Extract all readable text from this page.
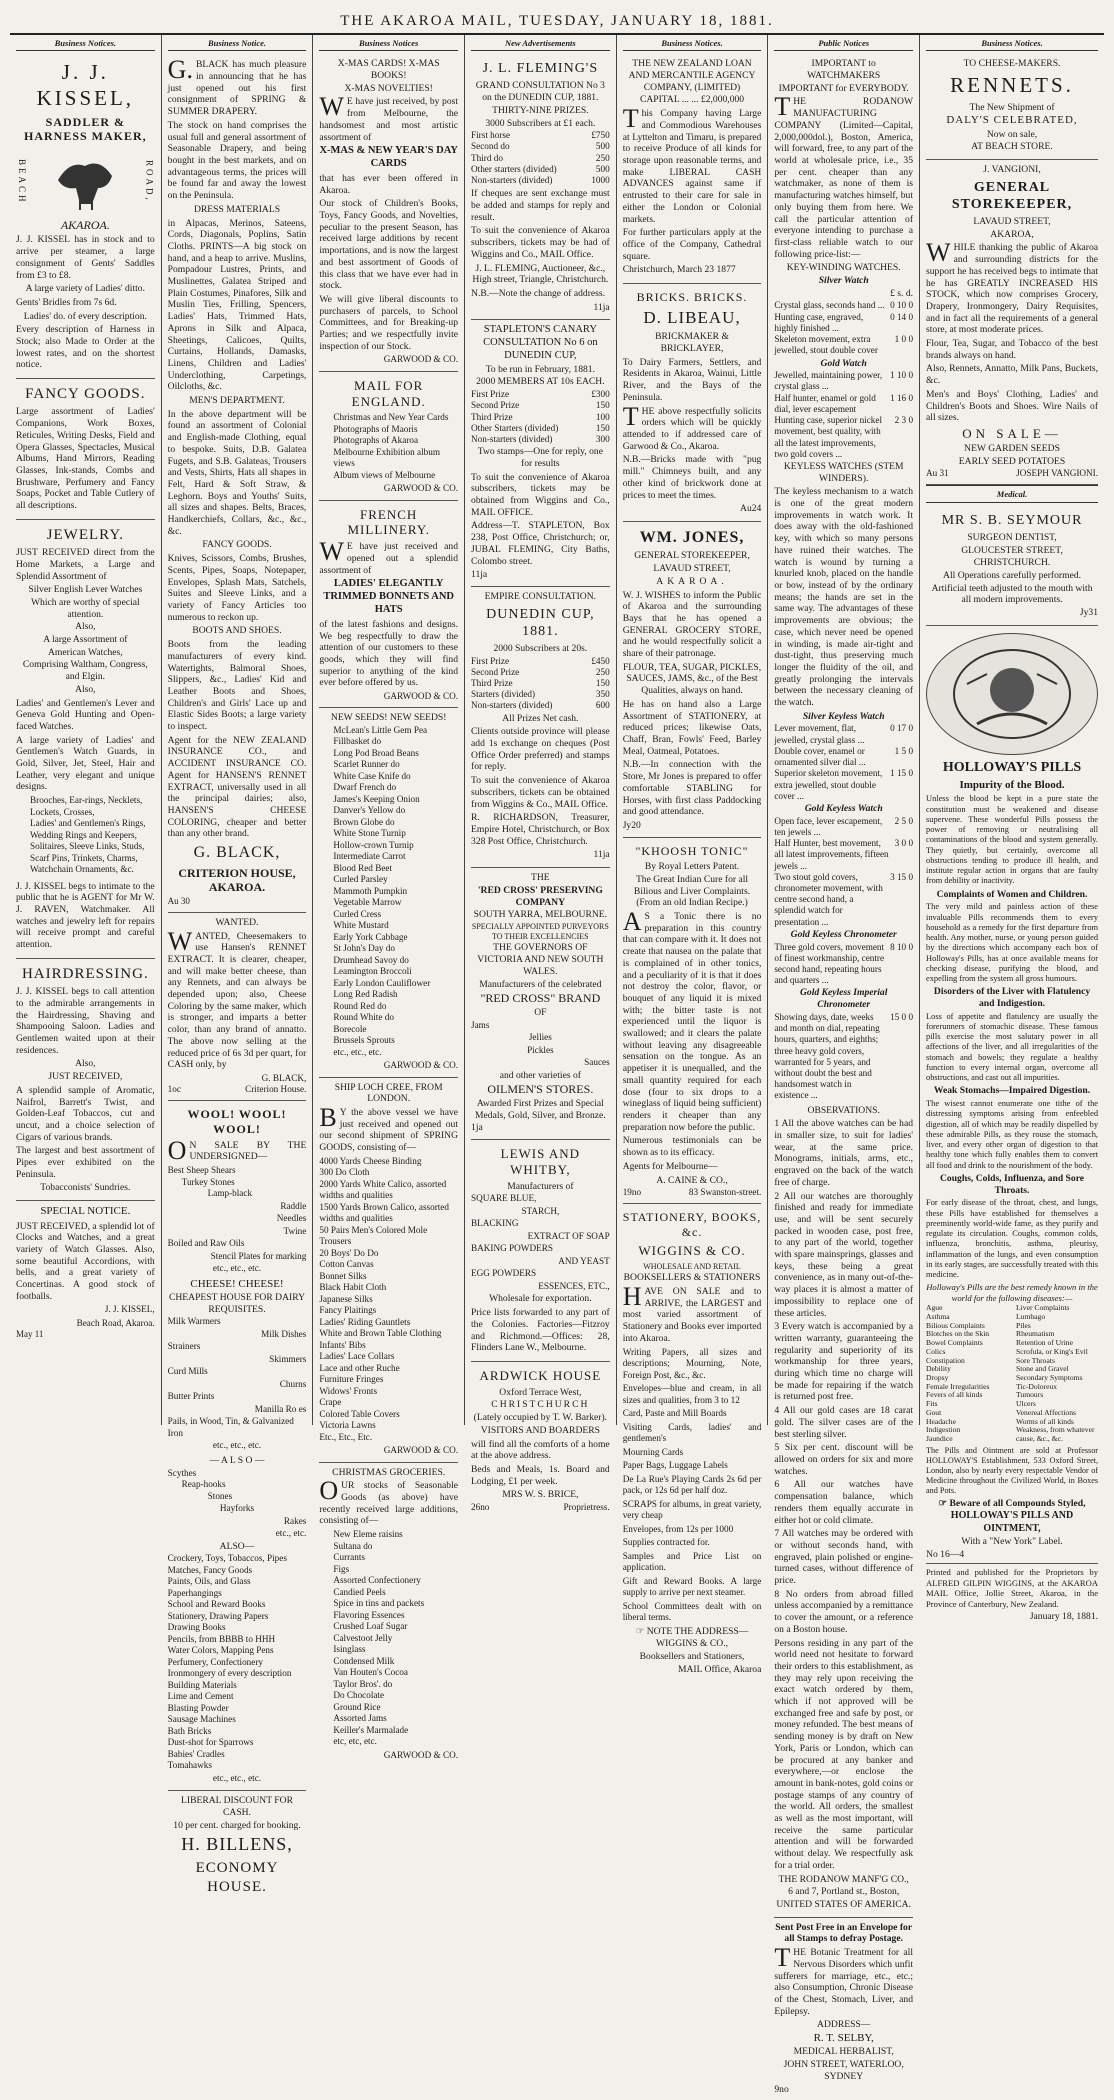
THE AKAROA MAIL, TUESDAY, JANUARY 18, 1881.
Business Notices.
J. J. KISSEL,
SADDLER & HARNESS MAKER,
BEACH	ROAD,
AKAROA.
J. J. KISSEL has in stock and to arrive per steamer, a large consignment of Gents' Saddles from £3 to £8.
A large variety of Ladies' ditto.
Gents' Bridles from 7s 6d.
Ladies' do. of every description.
Every description of Harness in Stock; also Made to Order at the lowest rates, and on the shortest notice.
FANCY GOODS.
Large assortment of Ladies' Companions, Work Boxes, Reticules, Writing Desks, Field and Opera Glasses, Spectacles, Musical Albums, Hand Mirrors, Reading Glasses, Ink-stands, Combs and Brushware, Perfumery and Fancy Soaps, Pocket and Table Cutlery of all descriptions.
JEWELRY.
JUST RECEIVED direct from the Home Markets, a Large and Splendid Assortment of
Silver English Lever Watches
Which are worthy of special attention.
Also,
A large Assortment of
American Watches,
Comprising Waltham, Congress, and Elgin.
Also,
Ladies' and Gentlemen's Lever and Geneva Gold Hunting and Open-faced Watches.
A large variety of Ladies' and Gentlemen's Watch Guards, in Gold, Silver, Jet, Steel, Hair and Leather, very elegant and unique designs.
Brooches, Ear-rings, Necklets,
Lockets, Crosses,
Ladies' and Gentlemen's Rings,
Wedding Rings and Keepers,
Solitaires, Sleeve Links, Studs,
Scarf Pins, Trinkets, Charms,
Watchchain Ornaments, &c.
J. J. KISSEL begs to intimate to the public that he is AGENT for Mr W. J. RAVEN, Watchmaker. All watches and jewelry left for repairs will receive prompt and careful attention.
HAIRDRESSING.
J. J. KISSEL begs to call attention to the admirable arrangements in the Hairdressing, Shaving and Shampooing Saloon. Ladies and Gentlemen waited upon at their residences.
Also,
JUST RECEIVED,
A splendid sample of Aromatic, Naifrol, Barrett's Twist, and Golden-Leaf Tobaccos, cut and uncut, and a choice selection of Cigars of various brands.
The largest and best assortment of Pipes ever exhibited on the Peninsula.
Tobacconists' Sundries.
SPECIAL NOTICE.
JUST RECEIVED, a splendid lot of Clocks and Watches, and a great variety of Watch Glasses. Also, some beautiful Accordions, with bells, and a great variety of Concertinas. A good stock of footballs.
J. J. KISSEL,
Beach Road, Akaroa.
May 11
Business Notice.
G.BLACK has much pleasure in announcing that he has just opened out his first consignment of SPRING & SUMMER DRAPERY.
The stock on hand comprises the usual full and general assortment of Seasonable Drapery, and being bought in the best markets, and on advantageous terms, the prices will be found far and away the lowest on the Peninsula.
DRESS MATERIALS
in Alpacas, Merinos, Sateens, Cords, Diagonals, Poplins, Satin Cloths. PRINTS—A big stock on hand, and a heap to arrive. Muslins, Pompadour Lustres, Prints, and Muslinettes, Galatea Striped and Plain Costumes, Pinafores, Silk and Muslin Ties, Frilling, Spencers, Ladies' Hats, Trimmed Hats, Aprons in Silk and Alpaca, Sheetings, Calicoes, Quilts, Curtains, Hollands, Damasks, Linens, Children and Ladies' Underclothing, Carpetings, Oilcloths, &c.
MEN'S DEPARTMENT.
In the above department will be found an assortment of Colonial and English-made Clothing, equal to bespoke. Suits, D.B. Galatea Fugets, and S.B. Galateas, Trousers and Vests, Shirts, Hats all shapes in Felt, Hard & Soft Straw, & Leghorn. Boys and Youths' Suits, all sizes and shapes. Belts, Braces, Handkerchiefs, Collars, &c., &c., &c.
FANCY GOODS.
Knives, Scissors, Combs, Brushes, Scents, Pipes, Soaps, Notepaper, Envelopes, Splash Mats, Satchels, Suites and Sleeve Links, and a variety of Fancy Articles too numerous to reckon up.
BOOTS AND SHOES.
Boots from the leading manufacturers of every kind. Watertights, Balmoral Shoes, Slippers, &c., Ladies' Kid and Leather Boots and Shoes, Children's and Girls' Lace up and Elastic Sides Boots; a large variety to inspect.
Agent for the NEW ZEALAND INSURANCE CO., and ACCIDENT INSURANCE CO. Agent for HANSEN'S RENNET EXTRACT, universally used in all the principal dairies; also, HANSEN'S CHEESE COLORING, cheaper and better than any other brand.
G. BLACK,
CRITERION HOUSE, AKAROA.
Au 30
WANTED.
WANTED, Cheesemakers to use Hansen's RENNET EXTRACT. It is clearer, cheaper, and will make better cheese, than any Rennets, and can always be depended upon; also, Cheese Coloring by the same maker, which is stronger, and imparts a better color, than any brand of annatto. The above now selling at the reduced price of 6s 3d per quart, for CASH only, by
G. BLACK,
1oc	Criterion House.
WOOL! WOOL! WOOL!
ON SALE BY THE UNDERSIGNED—
Best Sheep Shears
Turkey Stones
Lamp-black
Raddle
Needles
Twine
Boiled and Raw Oils
Stencil Plates for marking
etc., etc., etc.
CHEESE! CHEESE!
CHEAPEST HOUSE FOR DAIRY REQUISITES.
Milk Warmers
Milk Dishes
Strainers
Skimmers
Curd Mills
Churns
Butter Prints
Manilla Ro es
Pails, in Wood, Tin, & Galvanized Iron
etc., etc., etc.
— A L S O —
Scythes
Reap-hooks
Stones
Hayforks
Rakes
etc., etc.
ALSO—
Crockery, Toys, Tobaccos, Pipes
Matches, Fancy Goods
Paints, Oils, and Glass
Paperhangings
School and Reward Books
Stationery, Drawing Papers
Drawing Books
Pencils, from BBBB to HHH
Water Colors, Mapping Pens
Perfumery, Confectionery
Ironmongery of every description
Building Materials
Lime and Cement
Blasting Powder
Sausage Machines
Bath Bricks
Dust-shot for Sparrows
Babies' Cradles
Tomahawks
etc., etc., etc.
LIBERAL DISCOUNT FOR CASH.
10 per cent. charged for booking.
H. BILLENS,
ECONOMY HOUSE.
Business Notices
X-MAS CARDS! X-MAS BOOKS!
X-MAS NOVELTIES!
WE have just received, by post from Melbourne, the handsomest and most artistic assortment of
X-MAS & NEW YEAR'S DAY CARDS
that has ever been offered in Akaroa.
Our stock of Children's Books, Toys, Fancy Goods, and Novelties, peculiar to the present Season, has received large additions by recent importations, and is now the largest and best assortment of Goods of this class that we have ever had in stock.
We will give liberal discounts to purchasers of parcels, to School Committees, and for Breaking-up Parties; and we respectfully invite inspection of our Stock.
GARWOOD & CO.
MAIL FOR ENGLAND.
Christmas and New Year Cards
Photographs of Maoris
Photographs of Akaroa
Melbourne Exhibition album views
Album views of Melbourne
GARWOOD & CO.
FRENCH MILLINERY.
WE have just received and opened out a splendid assortment of
LADIES' ELEGANTLY TRIMMED BONNETS AND HATS
of the latest fashions and designs. We beg respectfully to draw the attention of our customers to these goods, which they will find superior to anything of the kind ever before offered by us.
GARWOOD & CO.
NEW SEEDS! NEW SEEDS!
McLean's Little Gem Pea
Fillbasket do
Long Pod Broad Beans
Scarlet Runner do
White Case Knife do
Dwarf French do
James's Keeping Onion
Danver's Yellow do
Brown Globe do
White Stone Turnip
Hollow-crown Turnip
Intermediate Carrot
Blood Red Beet
Curled Parsley
Mammoth Pumpkin
Vegetable Marrow
Curled Cress
White Mustard
Early York Cabbage
St John's Day do
Drumhead Savoy do
Leamington Broccoli
Early London Cauliflower
Long Red Radish
Round Red do
Round White do
Borecole
Brussels Sprouts
etc., etc., etc.
GARWOOD & CO.
SHIP LOCH CREE, FROM LONDON.
BY the above vessel we have just received and opened out our second shipment of SPRING GOODS, consisting of—
4000 Yards Cheese Binding
300 Do Cloth
2000 Yards White Calico, assorted widths and qualities
1500 Yards Brown Calico, assorted widths and qualities
50 Pairs Men's Colored Mole Trousers
20 Boys' Do Do
Cotton Canvas
Bonnet Silks
Black Habit Cloth
Japanese Silks
Fancy Plaitings
Ladies' Riding Gauntlets
White and Brown Table Clothing
Infants' Bibs
Ladies' Lace Collars
Lace and other Ruche
Furniture Fringes
Widows' Fronts
Crape
Colored Table Covers
Victoria Lawns
Etc., Etc., Etc.
GARWOOD & CO.
CHRISTMAS GROCERIES.
OUR stocks of Seasonable Goods (as above) have recently received large additions, consisting of—
New Eleme raisins
Sultana do
Currants
Figs
Assorted Confectionery
Candied Peels
Spice in tins and packets
Flavoring Essences
Crushed Loaf Sugar
Calvestoot Jelly
Isinglass
Condensed Milk
Van Houten's Cocoa
Taylor Bros'. do
Do Chocolate
Ground Rice
Assorted Jams
Keiller's Marmalade
etc, etc, etc.
GARWOOD & CO.
New Advertisements
J. L. FLEMING'S
GRAND CONSULTATION No 3 on the DUNEDIN CUP, 1881.
THIRTY-NINE PRIZES.
3000 Subscribers at £1 each.
First horse	£750
Second do	500
Third do	250
Other starters (divided)	500
Non-starters (divided)	1000
If cheques are sent exchange must be added and stamps for reply and result.
To suit the convenience of Akaroa subscribers, tickets may be had of Wiggins and Co., MAIL Office.
J. L. FLEMING, Auctioneer, &c., High street, Triangle, Christchurch.
N.B.—Note the change of address.
11ja
STAPLETON'S CANARY CONSULTATION No 6 on DUNEDIN CUP,
To be run in February, 1881.
2000 MEMBERS AT 10s EACH.
First Prize	£300
Second Prize	150
Third Prize	100
Other Starters (divided)	150
Non-starters (divided)	300
Two stamps—One for reply, one for results
To suit the convenience of Akaroa subscribers, tickets may be obtained from Wiggins and Co., MAIL OFFICE.
Address—T. STAPLETON, Box 238, Post Office, Christchurch; or, JUBAL FLEMING, City Baths, Colombo street.
11ja
EMPIRE CONSULTATION.
DUNEDIN CUP, 1881.
2000 Subscribers at 20s.
First Prize	£450
Second Prize	250
Third Prize	150
Starters (divided)	350
Non-starters (divided)	600
All Prizes Net cash.
Clients outside province will please add 1s exchange on cheques (Post Office Order preferred) and stamps for reply.
To suit the convenience of Akaroa subscribers, tickets can be obtained from Wiggins & Co., MAIL Office.
R. RICHARDSON, Treasurer, Empire Hotel, Christchurch, or Box 328 Post Office, Christchurch.
11ja
THE
'RED CROSS' PRESERVING COMPANY
SOUTH YARRA, MELBOURNE.
SPECIALLY APPOINTED PURVEYORS TO THEIR EXCELLENCIES
THE GOVERNORS OF VICTORIA AND NEW SOUTH WALES.
Manufacturers of the celebrated
"RED CROSS" BRAND
OF
Jams
Jellies
Pickles
Sauces
and other varieties of
OILMEN'S STORES.
Awarded First Prizes and Special Medals, Gold, Silver, and Bronze.
1ja
LEWIS AND WHITBY,
Manufacturers of
SQUARE BLUE,
STARCH,
BLACKING
EXTRACT OF SOAP
BAKING POWDERS
AND YEAST
EGG POWDERS
ESSENCES, ETC.,
Wholesale for exportation.
Price lists forwarded to any part of the Colonies. Factories—Fitzroy and Richmond.—Offices: 28, Flinders Lane W., Melbourne.
ARDWICK HOUSE
Oxford Terrace West,
CHRISTCHURCH
(Lately occupied by T. W. Barker).
VISITORS AND BOARDERS
will find all the comforts of a home at the above address.
Beds and Meals, 1s. Board and Lodging, £1 per week.
MRS W. S. BRICE,
26no	Proprietress.
Business Notices.
THE NEW ZEALAND LOAN AND MERCANTILE AGENCY COMPANY, (LIMITED)
CAPITAL ... ... £2,000,000
This Company having Large and Commodious Warehouses at Lyttelton and Timaru, is prepared to receive Produce of all kinds for storage upon reasonable terms, and make LIBERAL CASH ADVANCES against same if entrusted to their care for sale in either the London or Colonial markets.
For further particulars apply at the office of the Company, Cathedral square.
Christchurch, March 23 1877
BRICKS. BRICKS.
D. LIBEAU,
BRICKMAKER & BRICKLAYER,
To Dairy Farmers, Settlers, and Residents in Akaroa, Wainui, Little River, and the Bays of the Peninsula.
THE above respectfully solicits orders which will be quickly attended to if addressed care of Garwood & Co., Akaroa.
N.B.—Bricks made with "pug mill." Chimneys built, and any other kind of brickwork done at prices to meet the times.
Au24
WM. JONES,
GENERAL STOREKEEPER,
LAVAUD STREET,
AKAROA.
W. J. WISHES to inform the Public of Akaroa and the surrounding Bays that he has opened a GENERAL GROCERY STORE, and he would respectfully solicit a share of their patronage.
FLOUR, TEA, SUGAR, PICKLES, SAUCES, JAMS, &c., of the Best Qualities, always on hand.
He has on hand also a Large Assortment of STATIONERY, at reduced prices; likewise Oats, Chaff, Bran, Fowls' Feed, Barley Meal, Oatmeal, Potatoes.
N.B.—In connection with the Store, Mr Jones is prepared to offer comfortable STABLING for Horses, with first class Paddocking and good attendance.
Jy20
"KHOOSH TONIC"
By Royal Letters Patent.
The Great Indian Cure for all Bilious and Liver Complaints. (From an old Indian Recipe.)
AS a Tonic there is no preparation in this country that can compare with it. It does not create that nausea on the palate that is complained of in other tonics, and a peculiarity of it is that it does not destroy the color, flavor, or bouquet of any liquid it is mixed with; the bitter taste is not experienced until the liquor is swallowed; and it clears the palate without leaving any disagreeable sensation on the tongue. As an appetiser it is unequalled, and the small quantity required for each dose (four to six drops to a wineglass of liquid being sufficient) renders it cheaper than any preparation now before the public.
Numerous testimonials can be shown as to its efficacy.
Agents for Melbourne—
A. CAINE & CO.,
19no	83 Swanston-street.
STATIONERY, BOOKS, &c.
WIGGINS & CO.
WHOLESALE AND RETAIL
BOOKSELLERS & STATIONERS
HAVE ON SALE and to ARRIVE, the LARGEST and most varied assortment of Stationery and Books ever imported into Akaroa.
Writing Papers, all sizes and descriptions; Mourning, Note, Foreign Post, &c., &c.
Envelopes—blue and cream, in all sizes and qualities, from 3 to 12
Card, Paste and Mill Boards
Visiting Cards, ladies' and gentlemen's
Mourning Cards
Paper Bags, Luggage Labels
De La Rue's Playing Cards 2s 6d per pack, or 12s 6d per half doz.
SCRAPS for albums, in great variety, very cheap
Envelopes, from 12s per 1000
Supplies contracted for.
Samples and Price List on application.
Gift and Reward Books. A large supply to arrive per next steamer.
School Committees dealt with on liberal terms.
☞ NOTE THE ADDRESS—
WIGGINS & CO.,
Booksellers and Stationers,
MAIL Office, Akaroa
Public Notices
IMPORTANT to WATCHMAKERS
IMPORTANT for EVERYBODY.
THE RODANOW MANUFACTURING COMPANY (Limited—Capital, 2,000,000dol.), Boston, America, will forward, free, to any part of the world at wholesale price, i.e., 35 per cent. cheaper than any watchmaker, as none of them is manufacturing watches himself, but only buying them from here. We call the particular attention of everyone intending to purchase a first-class reliable watch to our following price-list:—
KEY-WINDING WATCHES.
Silver Watch
£ s. d.
Crystal glass, seconds hand ... 0 10 0
Hunting case, engraved, highly finished ...
0 14 0
Skeleton movement, extra jewelled, stout double cover
1 0 0
Gold Watch
Jewelled, maintaining power, crystal glass ...
1 10 0
Half hunter, enamel or gold dial, lever escapement
1 16 0
Hunting case, superior nickel movement, best quality, with all the latest improvements, two gold covers ...
2 3 0
KEYLESS WATCHES (STEM WINDERS).
The keyless mechanism to a watch is one of the great modern improvements in watch work. It does away with the old-fashioned key, with which so many persons have ruined their watches. The watch is wound by turning a knurled knob, placed on the handle or bow, instead of by the ordinary means; the hands are set in the same way. The advantages of these improvements are obvious; the case, which never need be opened in winding, is made air-tight and dust-tight, thus preserving much longer the fluidity of the oil, and greatly prolonging the intervals between the necessary cleaning of the watch.
Silver Keyless Watch
Lever movement, flat, jewelled, crystal glass ...
0 17 0
Double cover, enamel or ornamented silver dial ...
1 5 0
Superior skeleton movement, extra jewelled, stout double cover ...
1 15 0
Gold Keyless Watch
Open face, lever escapement, ten jewels ...
2 5 0
Half Hunter, best movement, all latest improvements, fifteen jewels ...
3 0 0
Two stout gold covers, chronometer movement, with centre second hand, a splendid watch for presentation ...
3 15 0
Gold Keyless Chronometer
Three gold covers, movement of finest workmanship, centre second hand, repeating hours and quarters ...
8 10 0
Gold Keyless Imperial Chronometer
Showing days, date, weeks and month on dial, repeating hours, quarters, and eighths; three heavy gold covers, warranted for 5 years, and without doubt the best and handsomest watch in existence ...
15 0 0
OBSERVATIONS.
1 All the above watches can be had in smaller size, to suit for ladies' wear, at the same price. Monograms, initials, arms, etc., engraved on the back of the watch free of charge.
2 All our watches are thoroughly finished and ready for immediate use, and will be sent securely packed in wooden case, post free, to any part of the world, together with spare mainsprings, glasses and keys, these being a great convenience, as in many out-of-the-way places it is almost a matter of impossibility to replace one of these articles.
3 Every watch is accompanied by a written warranty, guaranteeing the regularity and superiority of its workmanship for three years, during which time no charge will be made for repairing if the watch is returned post free.
4 All our gold cases are 18 carat gold. The silver cases are of the best sterling silver.
5 Six per cent. discount will be allowed on orders for six and more watches.
6 All our watches have compensation balance, which renders them equally accurate in either hot or cold climate.
7 All watches may be ordered with or without seconds hand, with engraved, plain polished or engine-turned cases, without difference of price.
8 No orders from abroad filled unless accompanied by a remittance to cover the amount, or a reference on a Boston house.
Persons residing in any part of the world need not hesitate to forward their orders to this establishment, as they may rely upon receiving the exact watch ordered by them, which if not approved will be exchanged free and safe by post, or money refunded. The best means of sending money is by draft on New York, Paris or London, which can be procured at any banker and everywhere,—or enclose the amount in bank-notes, gold coins or postage stamps of any country of the world. All orders, the smallest as well as the most important, will receive the same particular attention and will be forwarded without delay. We respectfully ask for a trial order.
THE RODANOW MANF'G CO.,
6 and 7, Portland st., Boston,
UNITED STATES OF AMERICA.
Sent Post Free in an Envelope for all Stamps to defray Postage.
THE Botanic Treatment for all Nervous Disorders which unfit sufferers for marriage, etc., etc.; also Consumption, Chronic Disease of the Chest, Stomach, Liver, and Epilepsy.
ADDRESS—
R. T. SELBY,
MEDICAL HERBALIST,
JOHN STREET, WATERLOO, SYDNEY
9no
Business Notices.
TO CHEESE-MAKERS.
RENNETS.
The New Shipment of
DALY'S CELEBRATED,
Now on sale,
AT BEACH STORE.
J. VANGIONI,
GENERAL STOREKEEPER,
LAVAUD STREET,
AKAROA,
WHILE thanking the public of Akaroa and surrounding districts for the support he has received begs to intimate that he has GREATLY INCREASED HIS STOCK, which now comprises Grocery, Drapery, Ironmongery, Dairy Requisites, and in fact all the requirements of a general store, at most moderate prices.
Flour, Tea, Sugar, and Tobacco of the best brands always on hand.
Also, Rennets, Annatto, Milk Pans, Buckets, &c.
Men's and Boys' Clothing, Ladies' and Children's Boots and Shoes. Wire Nails of all sizes.
ON SALE—
NEW GARDEN SEEDS
EARLY SEED POTATOES
Au 31	JOSEPH VANGIONI.
Medical.
MR S. B. SEYMOUR
SURGEON DENTIST,
GLOUCESTER STREET,
CHRISTCHURCH.
All Operations carefully performed.
Artificial teeth adjusted to the mouth with all modern improvements.
Jy31
HOLLOWAY'S PILLS
Impurity of the Blood.
Unless the blood be kept in a pure state the constitution must be weakened and disease supervene. These wonderful Pills possess the power of removing or neutralising all contaminations of the blood and system generally. They quietly, but certainly, overcome all obstructions tending to produce ill health, and institute regular action in organs that are faulty from debility or inactivity.
Complaints of Women and Children.
The very mild and painless action of these invaluable Pills recommends them to every household as a remedy for the first departure from health. Any mother, nurse, or young person guided by the directions which accompany each box of Holloway's Pills, has at once available means for checking disease, purifying the blood, and expelling from the system all gross humours.
Disorders of the Liver with Flatulency and Indigestion.
Loss of appetite and flatulency are usually the forerunners of stomachic disease. These famous pills exercise the most salutary power in all affections of the liver, and all irregularities of the stomach and bowels; they regulate a healthy function to every internal organ, overcome all obstructions, and cast out all impurities.
Weak Stomachs—Impaired Digestion.
The wisest cannot enumerate one tithe of the distressing symptoms arising from enfeebled digestion, all of which may be readily dispelled by these admirable Pills, as they rouse the stomach, liver, and every other organ of digestion to that healthy tone which fully enables them to convert all food and drink to the nourishment of the body.
Coughs, Colds, Influenza, and Sore Throats.
For early disease of the throat, chest, and lungs, these Pills have established for themselves a preeminently world-wide fame, as they purify and regulate its circulation. Coughs, common colds, influenza, bronchitis, asthma, pleurisy, inflammation of the lungs, and even consumption in its early stages, are successfully treated with this medicine.
Holloway's Pills are the best remedy known in the world for the following diseases:—
Ague
Asthma
Bilious Complaints
Blotches on the Skin
Bowel Complaints
Colics
Constipation
Debility
Dropsy
Female Irregularities
Fevers of all kinds
Fits
Gout
Headache
Indigestion
Jaundice
Liver Complaints
Lumbago
Piles
Rheumatism
Retention of Urine
Scrofula, or King's Evil
Sore Throats
Stone and Gravel
Secondary Symptoms
Tic-Doloreux
Tumours
Ulcers
Venereal Affections
Worms of all kinds
Weakness, from whatever cause, &c., &c.
The Pills and Ointment are sold at Professor HOLLOWAY'S Establishment, 533 Oxford Street, London, also by nearly every respectable Vendor of Medicine throughout the Civilized World, in Boxes and Pots.
☞ Beware of all Compounds Styled,
HOLLOWAY'S PILLS AND OINTMENT,
With a "New York" Label.
No 16—4
Printed and published for the Proprietors by ALFRED GILPIN WIGGINS, at the AKAROA MAIL Office, Jollie Street, Akaroa, in the Province of Canterbury, New Zealand.
January 18, 1881.
